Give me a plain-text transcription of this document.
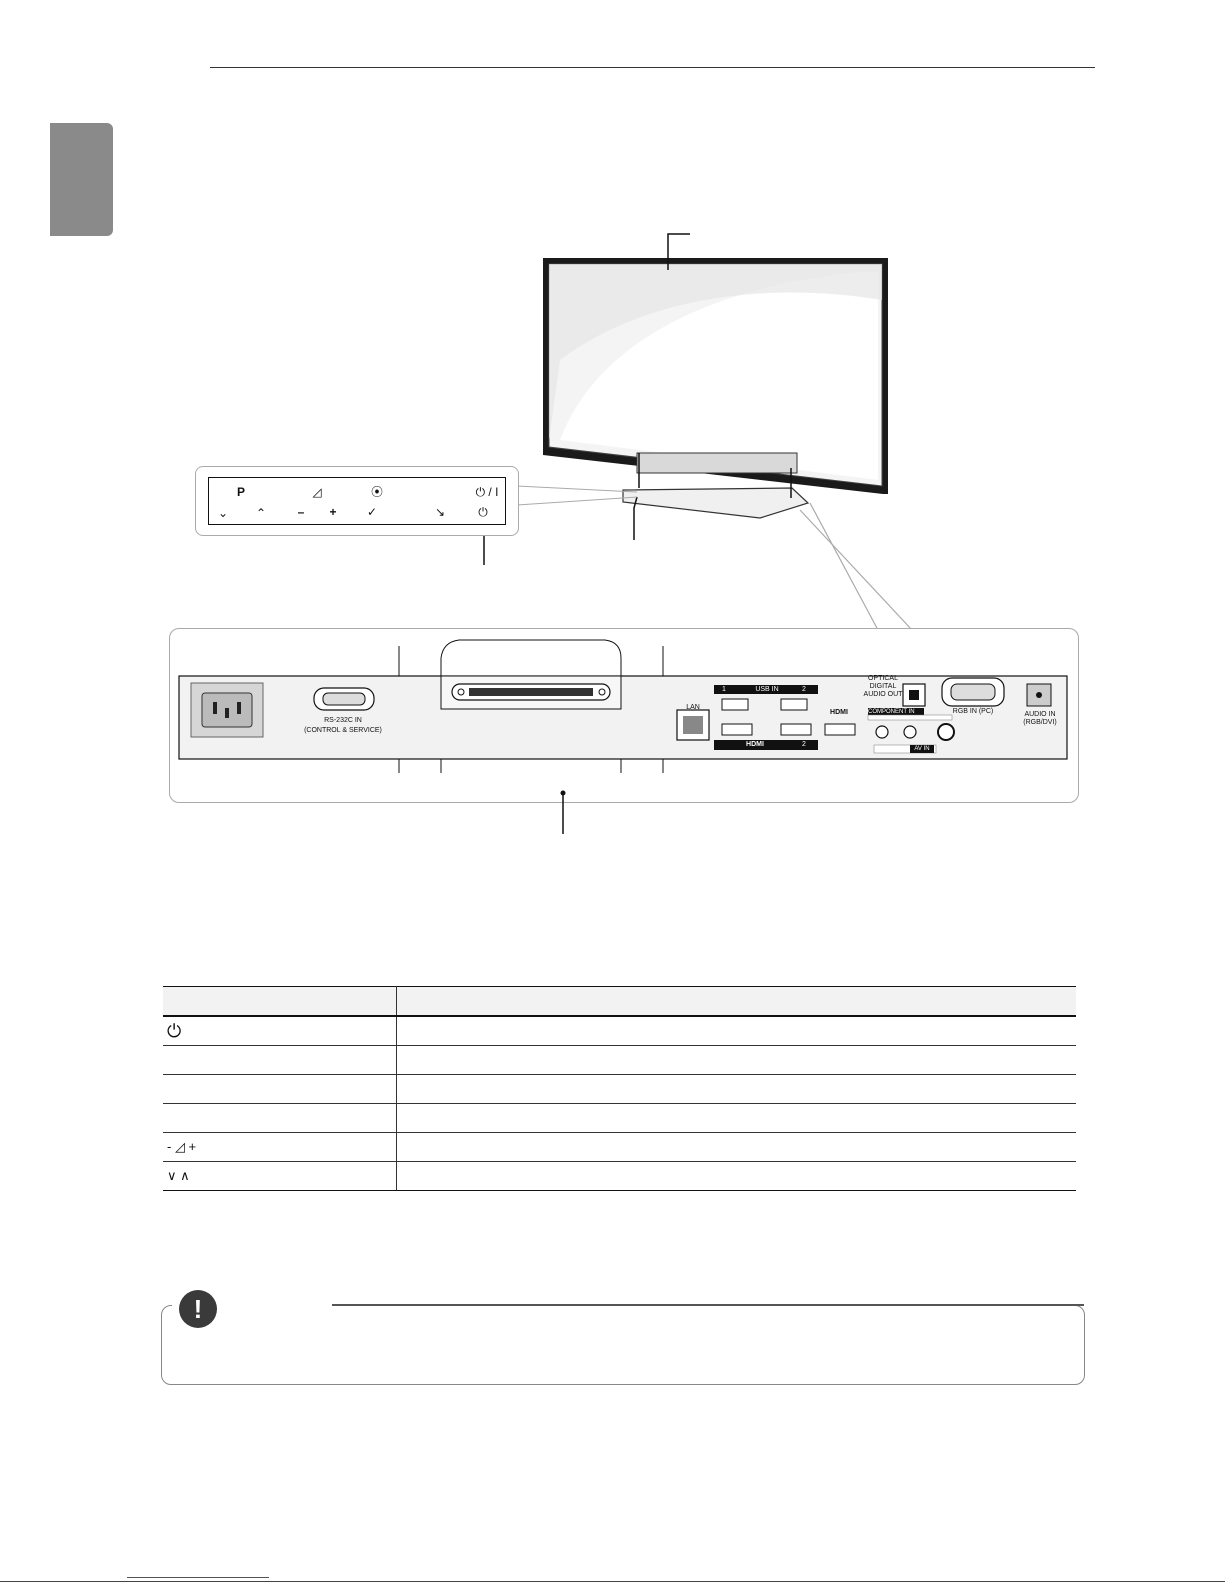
P	◿	⦿	⏻ / I
⌄	⌃	–	+	✓	↘	⏻
RS-232C IN
(CONTROL & SERVICE)
LAN
1	USB IN	2
HDMI	2
HDMI
OPTICAL DIGITAL AUDIO OUT
COMPONENT IN
AV IN
RGB IN (PC)	AUDIO IN (RGB/DVI)

⏻	

- ◿ +	
∨ ∧	
!
